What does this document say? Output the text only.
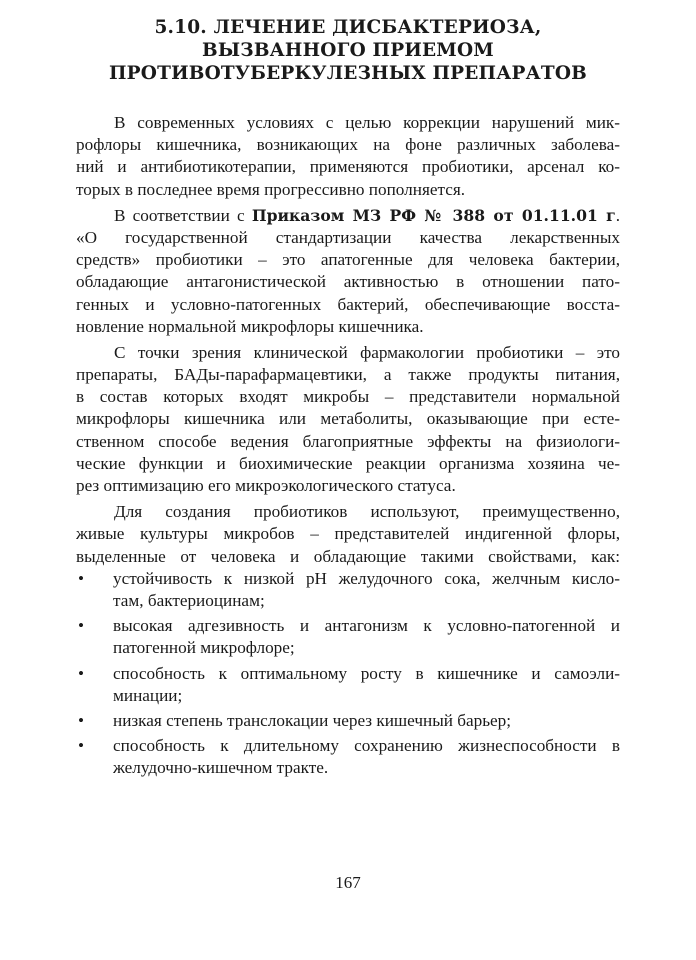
5.10. ЛЕЧЕНИЕ ДИСБАКТЕРИОЗА,
ВЫЗВАННОГО ПРИЕМОМ
ПРОТИВОТУБЕРКУЛЕЗНЫХ ПРЕПАРАТОВ
В современных условиях с целью коррекции нарушений мик-
рофлоры кишечника, возникающих на фоне различных заболева-
ний и антибиотикотерапии, применяются пробиотики, арсенал ко-
торых в последнее время прогрессивно пополняется.
В соответствии с Приказом МЗ РФ № 388 от 01.11.01 г.
«О государственной стандартизации качества лекарственных
средств» пробиотики – это апатогенные для человека бактерии,
обладающие антагонистической активностью в отношении пато-
генных и условно-патогенных бактерий, обеспечивающие восста-
новление нормальной микрофлоры кишечника.
С точки зрения клинической фармакологии пробиотики – это
препараты, БАДы-парафармацевтики, а также продукты питания,
в состав которых входят микробы – представители нормальной
микрофлоры кишечника или метаболиты, оказывающие при есте-
ственном способе ведения благоприятные эффекты на физиологи-
ческие функции и биохимические реакции организма хозяина че-
рез оптимизацию его микроэкологического статуса.
Для создания пробиотиков используют, преимущественно,
живые культуры микробов – представителей индигенной флоры,
выделенные от человека и обладающие такими свойствами, как:
• устойчивость к низкой pH желудочного сока, желчным кисло-
там, бактериоцинам;
• высокая адгезивность и антагонизм к условно-патогенной и
патогенной микрофлоре;
• способность к оптимальному росту в кишечнике и самоэли-
минации;
• низкая степень транслокации через кишечный барьер;
• способность к длительному сохранению жизнеспособности в
желудочно-кишечном тракте.
167
